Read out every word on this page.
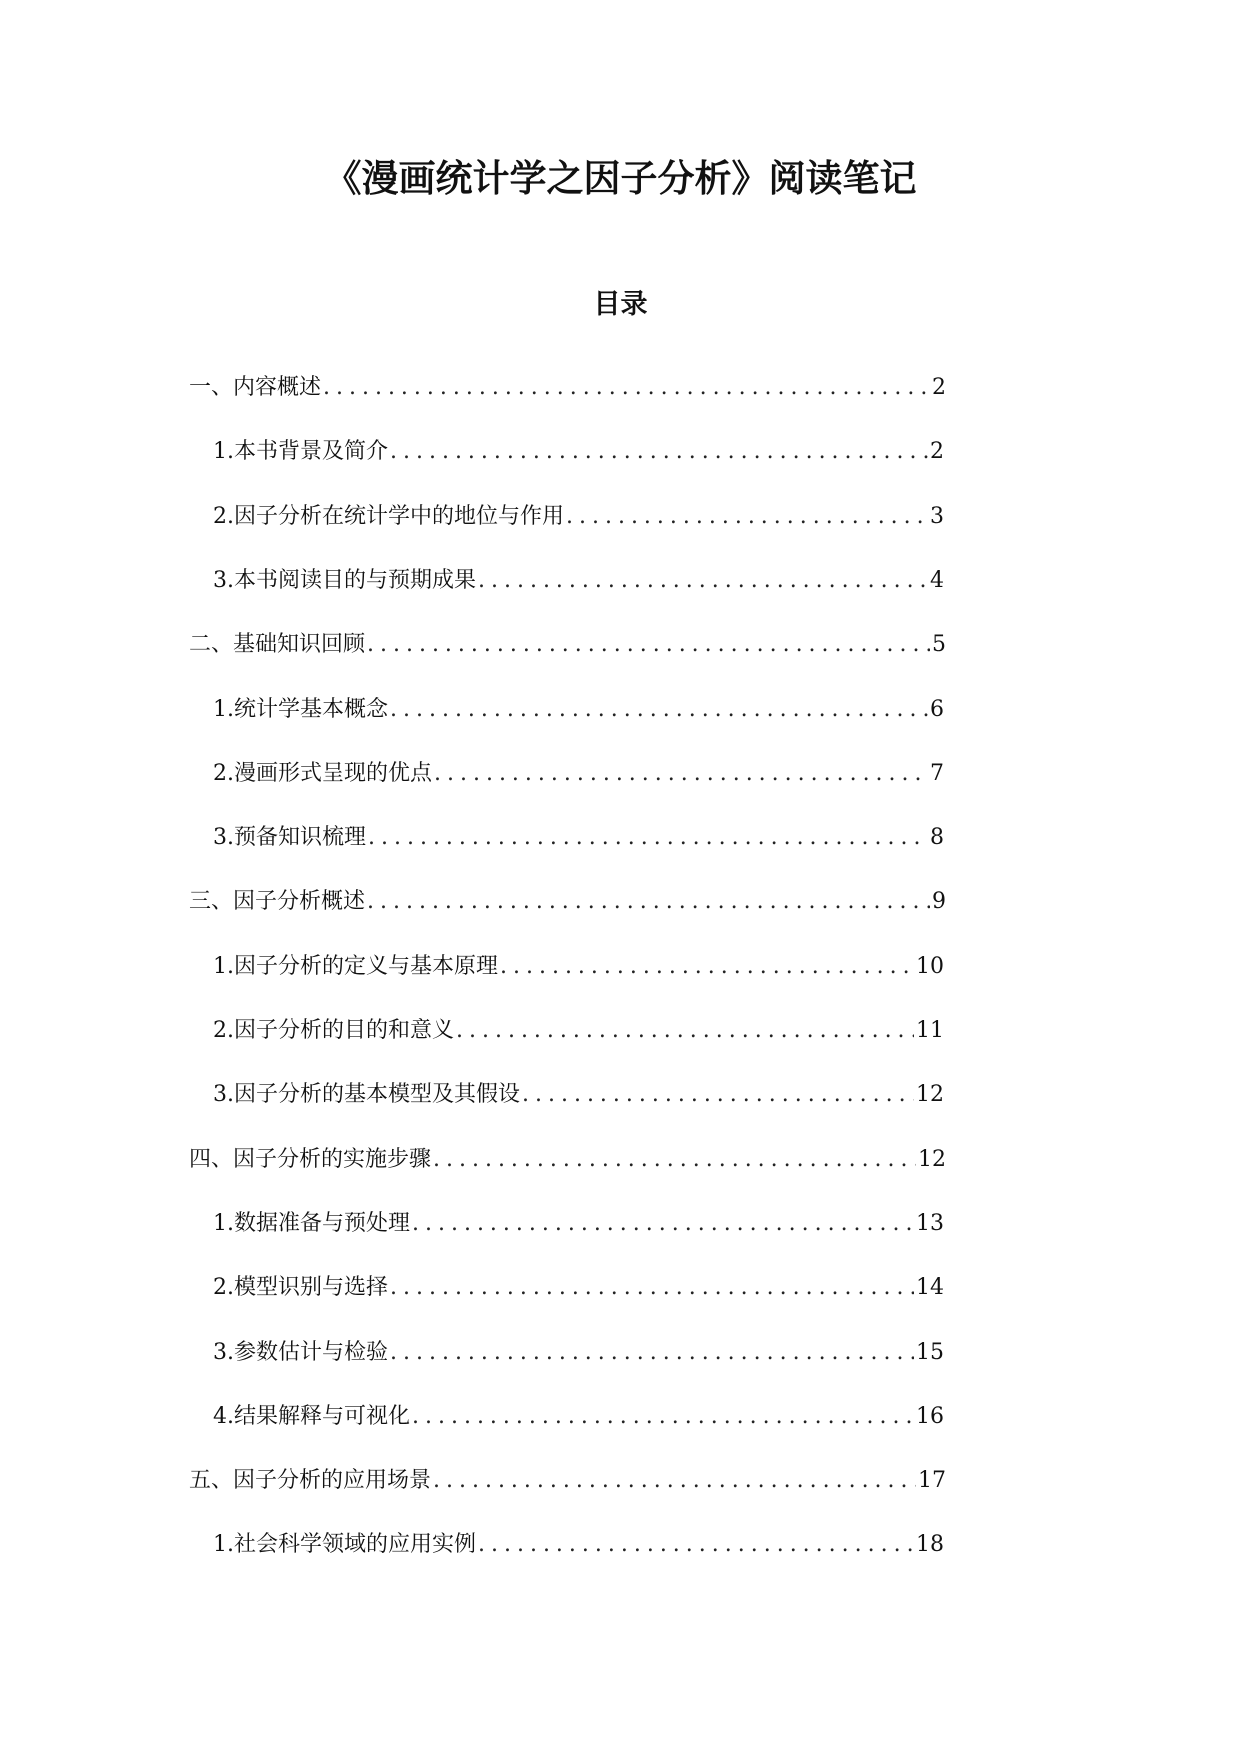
《漫画统计学之因子分析》阅读笔记
目录
一、内容概述 . . .	2
1. 本书背景及简介 . . .	2
2. 因子分析在统计学中的地位与作用 . . .	3
3. 本书阅读目的与预期成果 . . .	4
二、基础知识回顾 . . .	5
1. 统计学基本概念 . . .	6
2. 漫画形式呈现的优点 . . .	7
3. 预备知识梳理 . . .	8
三、因子分析概述 . . .	9
1. 因子分析的定义与基本原理 . . .	10
2. 因子分析的目的和意义 . . .	11
3. 因子分析的基本模型及其假设 . . .	12
四、因子分析的实施步骤 . . .	12
1. 数据准备与预处理 . . .	13
2. 模型识别与选择 . . .	14
3. 参数估计与检验 . . .	15
4. 结果解释与可视化 . . .	16
五、因子分析的应用场景 . . .	17
1. 社会科学领域的应用实例 . . .	18
